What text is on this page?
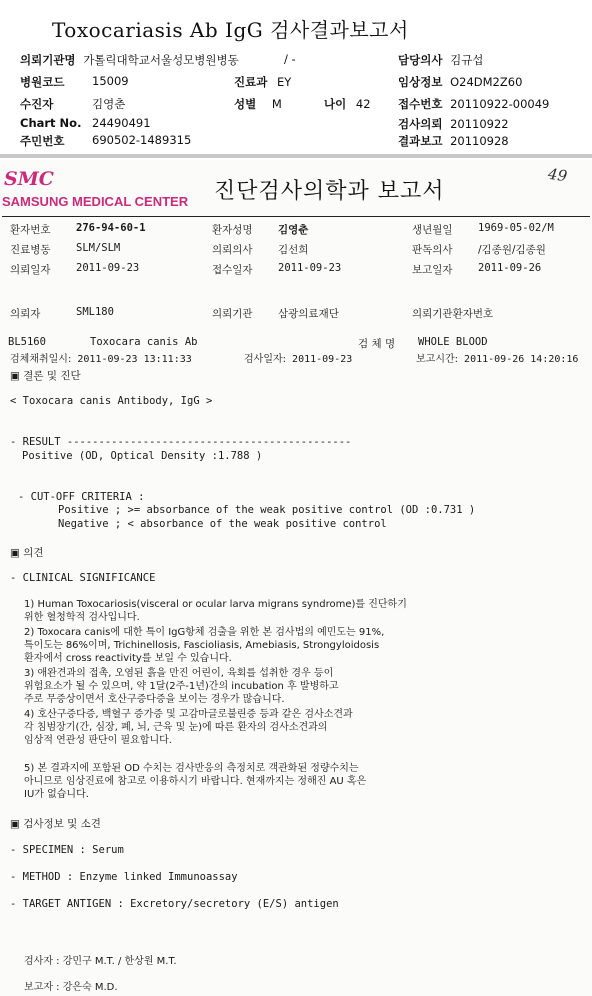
Toxocariasis Ab IgG 검사결과보고서
의뢰기관명 가톨릭대학교서울성모병원병동	/ -	담당의사 김규섭
병원코드 15009	진료과 EY	임상정보 O24DM2Z60
수진자	김영춘	성별 M	나이 42 접수번호 20110922-00049
Chart No. 24490491	검사의뢰 20110922
주민번호 690502-1489315	결과보고 20110928
SMC
SAMSUNG MEDICAL CENTER 진단검사의학과 보고서
49
환자번호 276-94-60-1	환자성명 김영춘	생년월일 1969-05-02/M
진료병동 SLM/SLM	의뢰의사 김선희	판독의사 /김종원/김종원
의뢰일자 2011-09-23	접수일자 2011-09-23	보고일자 2011-09-26
의뢰자	SML180	의뢰기관 삼광의료재단	의뢰기관환자번호
BL5160	Toxocara canis Ab	검 체 명 WHOLE BLOOD
검체채취일시: 2011-09-23 13:11:33	검사일자: 2011-09-23	보고시간: 2011-09-26 14:20:16
▣ 결론 및 진단
< Toxocara canis Antibody, IgG >
- RESULT ---------------------------------------------
Positive (OD, Optical Density :1.788 )
- CUT-OFF CRITERIA :
Positive ; >= absorbance of the weak positive control (OD :0.731 )
Negative ; < absorbance of the weak positive control
▣ 의견
- CLINICAL SIGNIFICANCE
1) Human Toxocariosis(visceral or ocular larva migrans syndrome)를 진단하기
위한 혈청학적 검사입니다.
2) Toxocara canis에 대한 특이 IgG항체 검출을 위한 본 검사법의 예민도는 91%,
특이도는 86%이며, Trichinellosis, Fascioliasis, Amebiasis, Strongyloidosis
환자에서 cross reactivity를 보일 수 있습니다.
3) 애완견과의 접촉, 오염된 흙을 만진 어린이, 육회를 섭취한 경우 등이
위험요소가 될 수 있으며, 약 1달(2주-1년)간의 incubation 후 발병하고
주로 무증상이면서 호산구증다증을 보이는 경우가 많습니다.
4) 호산구증다증, 백혈구 증가증 및 고감마글로불린증 등과 같은 검사소견과
각 침범장기(간, 심장, 폐, 뇌, 근육 및 눈)에 따른 환자의 검사소견과의
임상적 연관성 판단이 필요합니다.
5) 본 결과지에 포함된 OD 수치는 검사반응의 측정치로 객관화된 정량수치는
아니므로 임상진료에 참고로 이용하시기 바랍니다. 현재까지는 정해진 AU 혹은
IU가 없습니다.
▣ 검사정보 및 소견
- SPECIMEN : Serum
- METHOD : Enzyme linked Immunoassay
- TARGET ANTIGEN : Excretory/secretory (E/S) antigen
검사자 : 강민구 M.T. / 한상원 M.T.
보고자 : 강은숙 M.D.
